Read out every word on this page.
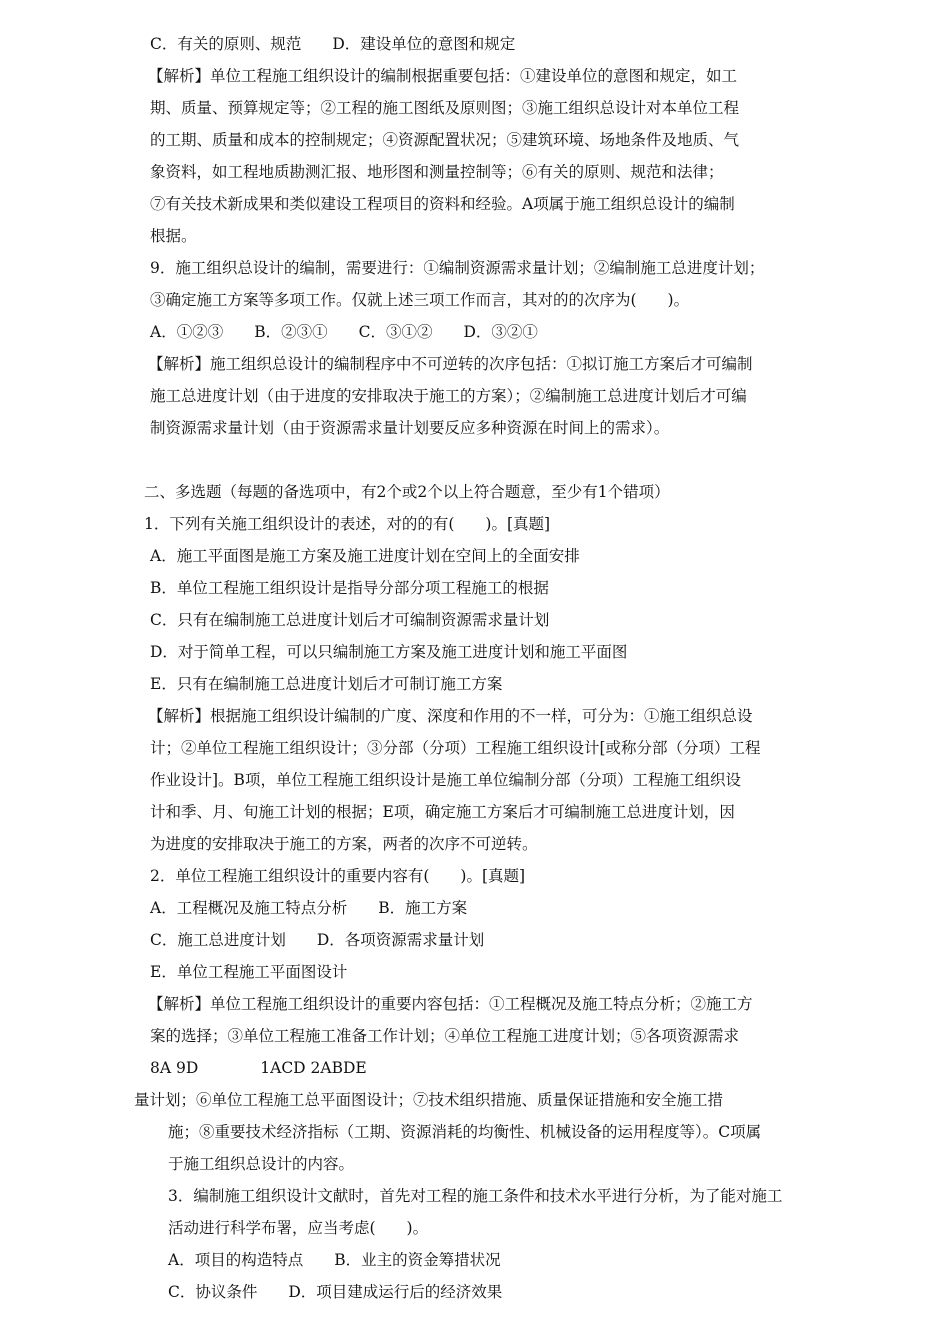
C．有关的原则、规范　　D．建设单位的意图和规定
【解析】单位工程施工组织设计的编制根据重要包括：①建设单位的意图和规定，如工
期、质量、预算规定等；②工程的施工图纸及原则图；③施工组织总设计对本单位工程
的工期、质量和成本的控制规定；④资源配置状况；⑤建筑环境、场地条件及地质、气
象资料，如工程地质勘测汇报、地形图和测量控制等；⑥有关的原则、规范和法律；
⑦有关技术新成果和类似建设工程项目的资料和经验。A项属于施工组织总设计的编制
根据。
9．施工组织总设计的编制，需要进行：①编制资源需求量计划；②编制施工总进度计划；
③确定施工方案等多项工作。仅就上述三项工作而言，其对的的次序为(　　)。
A．①②③　　B．②③①　　C．③①②　　D．③②①
【解析】施工组织总设计的编制程序中不可逆转的次序包括：①拟订施工方案后才可编制
施工总进度计划（由于进度的安排取决于施工的方案）；②编制施工总进度计划后才可编
制资源需求量计划（由于资源需求量计划要反应多种资源在时间上的需求）。
二、多选题（每题的备选项中，有2个或2个以上符合题意，至少有1个错项）
1．下列有关施工组织设计的表述，对的的有(　　)。[真题]
A．施工平面图是施工方案及施工进度计划在空间上的全面安排
B．单位工程施工组织设计是指导分部分项工程施工的根据
C．只有在编制施工总进度计划后才可编制资源需求量计划
D．对于简单工程，可以只编制施工方案及施工进度计划和施工平面图
E．只有在编制施工总进度计划后才可制订施工方案
【解析】根据施工组织设计编制的广度、深度和作用的不一样，可分为：①施工组织总设
计；②单位工程施工组织设计；③分部（分项）工程施工组织设计[或称分部（分项）工程
作业设计]。B项，单位工程施工组织设计是施工单位编制分部（分项）工程施工组织设
计和季、月、旬施工计划的根据；E项，确定施工方案后才可编制施工总进度计划，因
为进度的安排取决于施工的方案，两者的次序不可逆转。
2．单位工程施工组织设计的重要内容有(　　)。[真题]
A．工程概况及施工特点分析　　B．施工方案
C．施工总进度计划　　D．各项资源需求量计划
E．单位工程施工平面图设计
【解析】单位工程施工组织设计的重要内容包括：①工程概况及施工特点分析；②施工方
案的选择；③单位工程施工准备工作计划；④单位工程施工进度计划；⑤各项资源需求
8A 9D　　　　1ACD 2ABDE
量计划；⑥单位工程施工总平面图设计；⑦技术组织措施、质量保证措施和安全施工措
施；⑧重要技术经济指标（工期、资源消耗的均衡性、机械设备的运用程度等）。C项属
于施工组织总设计的内容。
3．编制施工组织设计文献时，首先对工程的施工条件和技术水平进行分析，为了能对施工
活动进行科学布署，应当考虑(　　)。
A．项目的构造特点　　B．业主的资金筹措状况
C．协议条件　　D．项目建成运行后的经济效果
